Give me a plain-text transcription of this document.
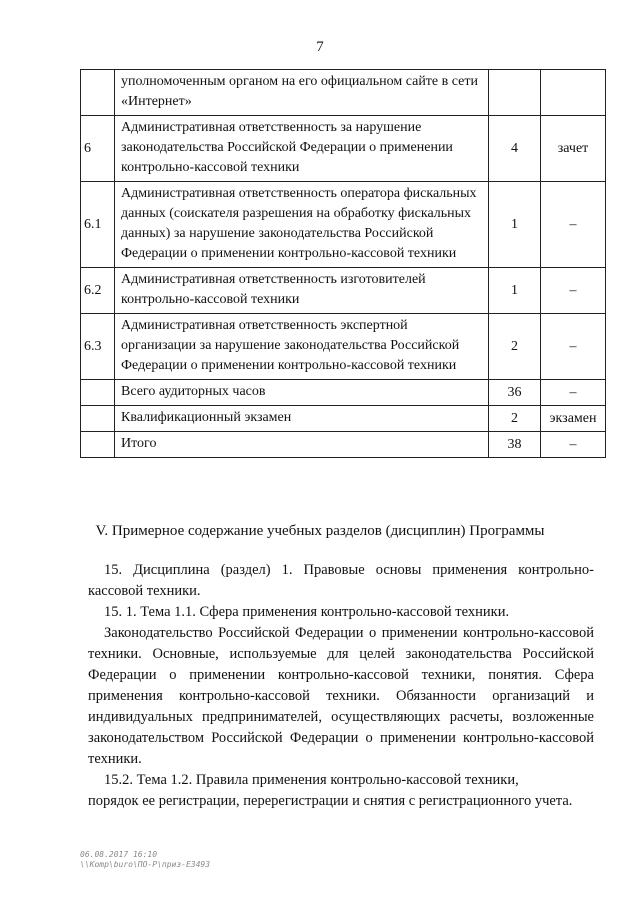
7
	уполномоченным органом на его официальном сайте в сети «Интернет»		
6	Административная ответственность за нарушение законодательства Российской Федерации о применении контрольно-кассовой техники	4	зачет
6.1	Административная ответственность оператора фискальных данных (соискателя разрешения на обработку фискальных данных) за нарушение законодательства Российской Федерации о применении контрольно-кассовой техники	1	–
6.2	Административная ответственность изготовителей контрольно-кассовой техники	1	–
6.3	Административная ответственность экспертной организации за нарушение законодательства Российской Федерации о применении контрольно-кассовой техники	2	–
	Всего аудиторных часов	36	–
	Квалификационный экзамен	2	экзамен
	Итого	38	–
V. Примерное содержание учебных разделов (дисциплин) Программы

15. Дисциплина (раздел) 1. Правовые основы применения контрольно-кассовой техники.

15. 1. Тема 1.1. Сфера применения контрольно-кассовой техники.

Законодательство Российской Федерации о применении контрольно-кассовой техники. Основные, используемые для целей законодательства Российской Федерации о применении контрольно-кассовой техники, понятия. Сфера применения контрольно-кассовой техники. Обязанности организаций и индивидуальных предпринимателей, осуществляющих расчеты, возложенные законодательством Российской Федерации о применении контрольно-кассовой техники.

15.2. Тема 1.2. Правила применения контрольно-кассовой техники,

порядок ее регистрации, перерегистрации и снятия с регистрационного учета.

06.08.2017 16:10
\\Komp\buro\ПО-Р\приз-Е3493
